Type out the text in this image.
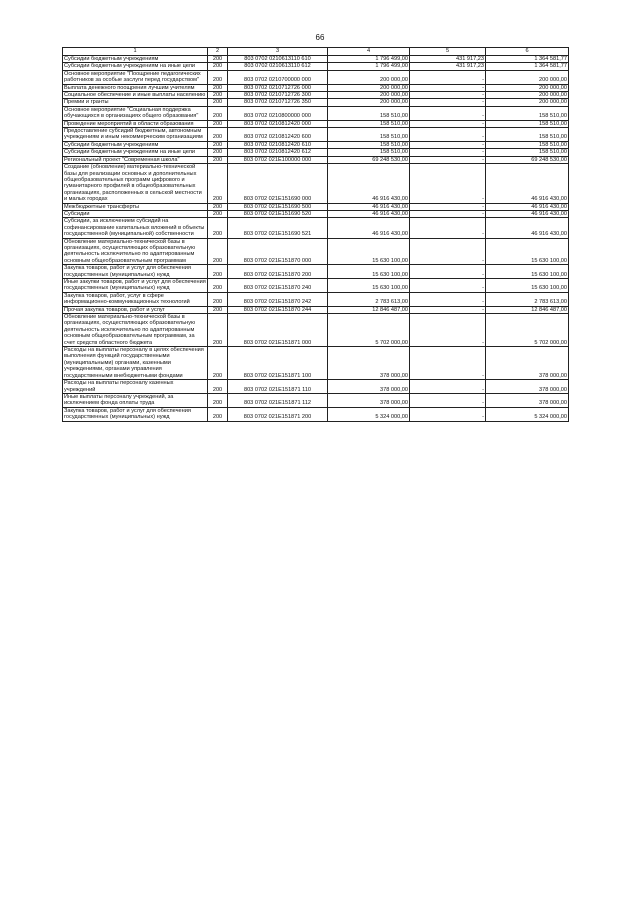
66
1	2	3	4	5	6
Субсидии бюджетным учреждениям	200	803 0702 0210613110 610	1 796 499,00	431 917,23	1 364 581,77
Субсидии бюджетным учреждениям на иные цели	200	803 0702 0210613110 612	1 796 499,00	431 917,23	1 364 581,77
Основное мероприятие "Поощрение педагогических работников за особые заслуги перед государством"	200	803 0702 0210700000 000	200 000,00	-	200 000,00
Выплата денежного поощрения лучшим учителям	200	803 0702 0210712726 000	200 000,00	-	200 000,00
Социальное обеспечение и иные выплаты населению	200	803 0702 0210712726 300	200 000,00	-	200 000,00
Премии и гранты	200	803 0702 0210712726 350	200 000,00	-	200 000,00
Основное мероприятие "Социальная поддержка обучающихся в организациях общего образования"	200	803 0702 0210800000 000	158 510,00	-	158 510,00
Проведение мероприятий в области образования	200	803 0702 0210812420 000	158 510,00	-	158 510,00
Предоставление субсидий бюджетным, автономным учреждениям и иным некоммерческим организациям	200	803 0702 0210812420 600	158 510,00	-	158 510,00
Субсидии бюджетным учреждениям	200	803 0702 0210812420 610	158 510,00	-	158 510,00
Субсидии бюджетным учреждениям на иные цели	200	803 0702 0210812420 612	158 510,00	-	158 510,00
Региональный проект "Современная школа"	200	803 0702 021E100000 000	69 248 530,00	-	69 248 530,00
Создание (обновление) материально-технической базы для реализации основных и дополнительных общеобразовательных программ цифрового и гуманитарного профилей в общеобразовательных организациях, расположенных в сельской местности и малых городах	200	803 0702 021E151690 000	46 916 430,00	-	46 916 430,00
Межбюджетные трансферты	200	803 0702 021E151690 500	46 916 430,00	-	46 916 430,00
Субсидии	200	803 0702 021E151690 520	46 916 430,00	-	46 916 430,00
Субсидии, за исключением субсидий на софинансирование капитальных вложений в объекты государственной (муниципальной) собственности	200	803 0702 021E151690 521	46 916 430,00	-	46 916 430,00
Обновление материально-технической базы в организациях, осуществляющих образовательную деятельность исключительно по адаптированным основным общеобразовательным программам	200	803 0702 021E151870 000	15 630 100,00	-	15 630 100,00
Закупка товаров, работ и услуг для обеспечения государственных (муниципальных) нужд	200	803 0702 021E151870 200	15 630 100,00	-	15 630 100,00
Иные закупки товаров, работ и услуг для обеспечения государственных (муниципальных) нужд	200	803 0702 021E151870 240	15 630 100,00	-	15 630 100,00
Закупка товаров, работ, услуг в сфере информационно-коммуникационных технологий	200	803 0702 021E151870 242	2 783 613,00	-	2 783 613,00
Прочая закупка товаров, работ и услуг	200	803 0702 021E151870 244	12 846 487,00	-	12 846 487,00
Обновление материально-технической базы в организациях, осуществляющих образовательную деятельность исключительно по адаптированным основным общеобразовательным программам, за счет средств областного бюджета	200	803 0702 021E151871 000	5 702 000,00	-	5 702 000,00
Расходы на выплаты персоналу в целях обеспечения выполнения функций государственными (муниципальными) органами, казенными учреждениями, органами управления государственными внебюджетными фондами	200	803 0702 021E151871 100	378 000,00	-	378 000,00
Расходы на выплаты персоналу казенных учреждений	200	803 0702 021E151871 110	378 000,00	-	378 000,00
Иные выплаты персоналу учреждений, за исключением фонда оплаты труда	200	803 0702 021E151871 112	378 000,00	-	378 000,00
Закупка товаров, работ и услуг для обеспечения государственных (муниципальных) нужд	200	803 0702 021E151871 200	5 324 000,00	-	5 324 000,00
